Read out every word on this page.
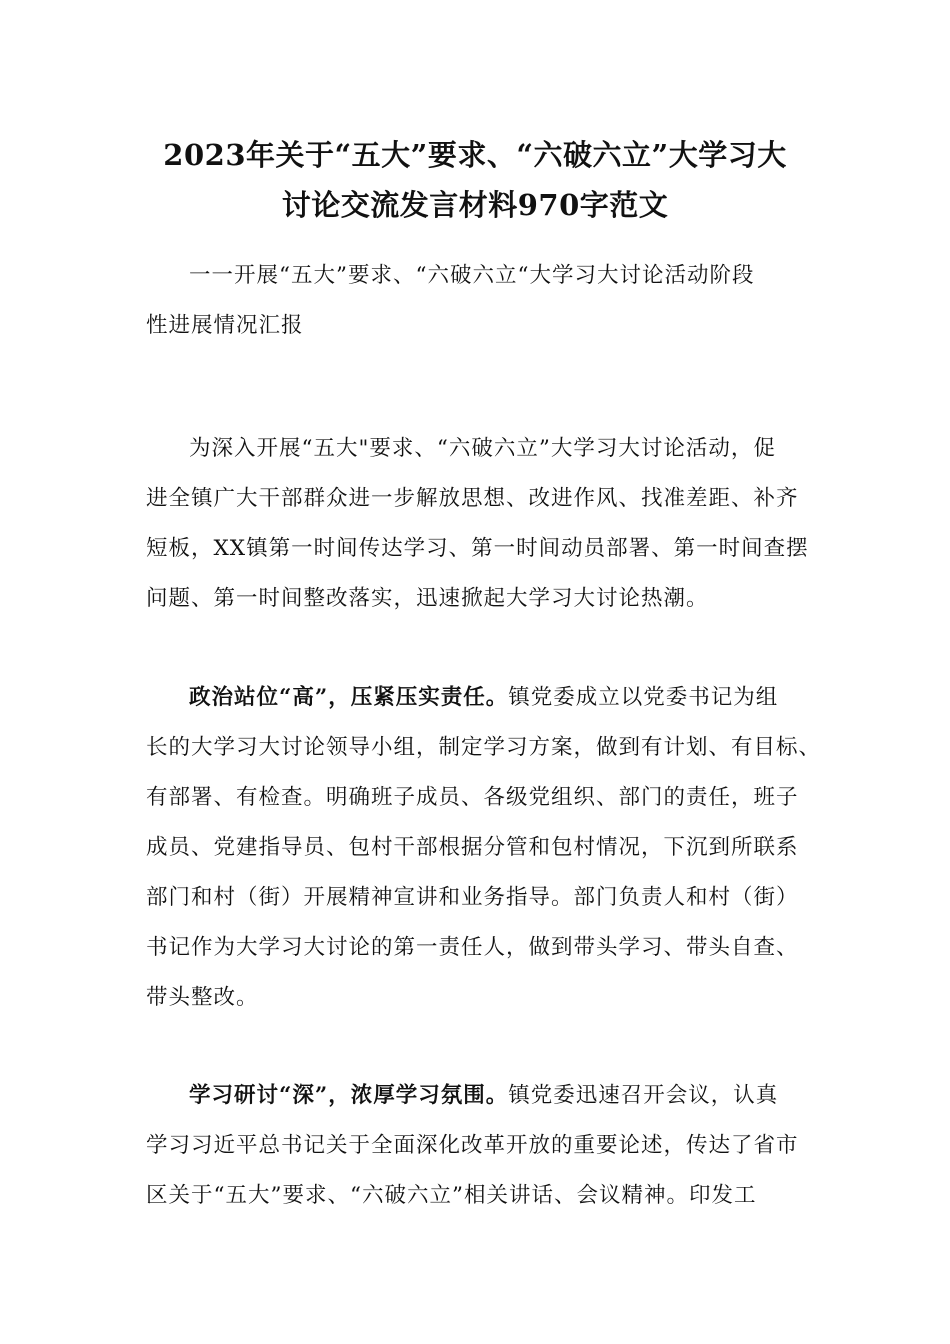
2023年关于“五大”要求、“六破六立”大学习大
讨论交流发言材料970字范文
一一开展“五大”要求、“六破六立“大学习大讨论活动阶段
性进展情况汇报
为深入开展“五大"要求、“六破六立”大学习大讨论活动，促
进全镇广大干部群众进一步解放思想、改进作风、找准差距、补齐
短板，XX镇第一时间传达学习、第一时间动员部署、第一时间查摆
问题、第一时间整改落实，迅速掀起大学习大讨论热潮。
政治站位“高”，压紧压实责任。镇党委成立以党委书记为组
长的大学习大讨论领导小组，制定学习方案，做到有计划、有目标、
有部署、有检查。明确班子成员、各级党组织、部门的责任，班子
成员、党建指导员、包村干部根据分管和包村情况，下沉到所联系
部门和村（街）开展精神宣讲和业务指导。部门负责人和村（街）
书记作为大学习大讨论的第一责任人，做到带头学习、带头自查、
带头整改。
学习研讨“深”，浓厚学习氛围。镇党委迅速召开会议，认真
学习习近平总书记关于全面深化改革开放的重要论述，传达了省市
区关于“五大”要求、“六破六立”相关讲话、会议精神。印发工
